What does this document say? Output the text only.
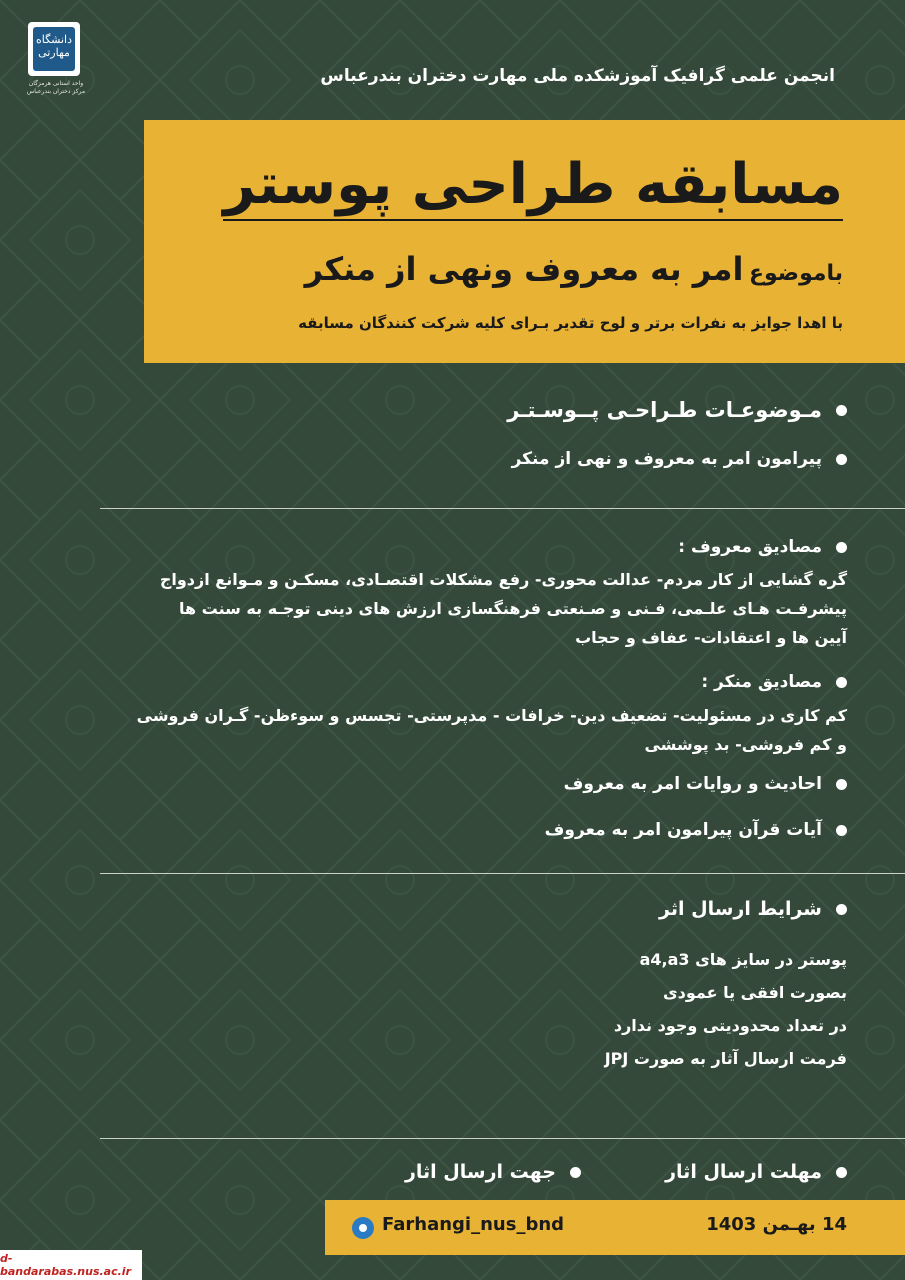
دانشگاه مهارتی
واحد استانی هرمزگان
مرکز دختران بندرعباس
انجمن علمی گرافیک آموزشکده ملی مهارت دختران بندرعباس
مسابقه طراحی پوستر
باموضوع امر به معروف ونهی از منکر
با اهدا جوایز به نفرات برتر و لوح تقدیر بـرای کلیه شرکت کنندگان مسابقه
مـوضوعـات طـراحـی پــوسـتـر
پیرامون امر به معروف و نهی از منکر
مصادیق معروف :
گره گشایی از کار مردم- عدالت محوری- رفع مشکلات اقتصـادی، مسکـن و مـوانع ازدواج
پیشرفـت هـای علـمی، فـنی و صـنعتی فرهنگسازی ارزش های دینی توجـه به سنت ها
آیین ها و اعتقادات- عفاف و حجاب
مصادیق منکر :
کم کاری در مسئولیت- تضعیف دین- خرافات - مدپرستی- تجسس و سوءظن- گـران فروشی
و کم فروشی- بد پوششی
احادیث و روایات امر به معروف
آیات قرآن پیرامون امر به معروف
شرایط ارسال اثر
پوستر در سایز های a4,a3
بصورت افقی یا عمودی
در تعداد محدودیتی وجود ندارد
فرمت ارسال آثار به صورت JPJ
مهلت ارسال اثار
جهت ارسال اثار
14 بهـمن 1403
Farhangi_nus_bnd
d-bandarabas.nus.ac.ir
